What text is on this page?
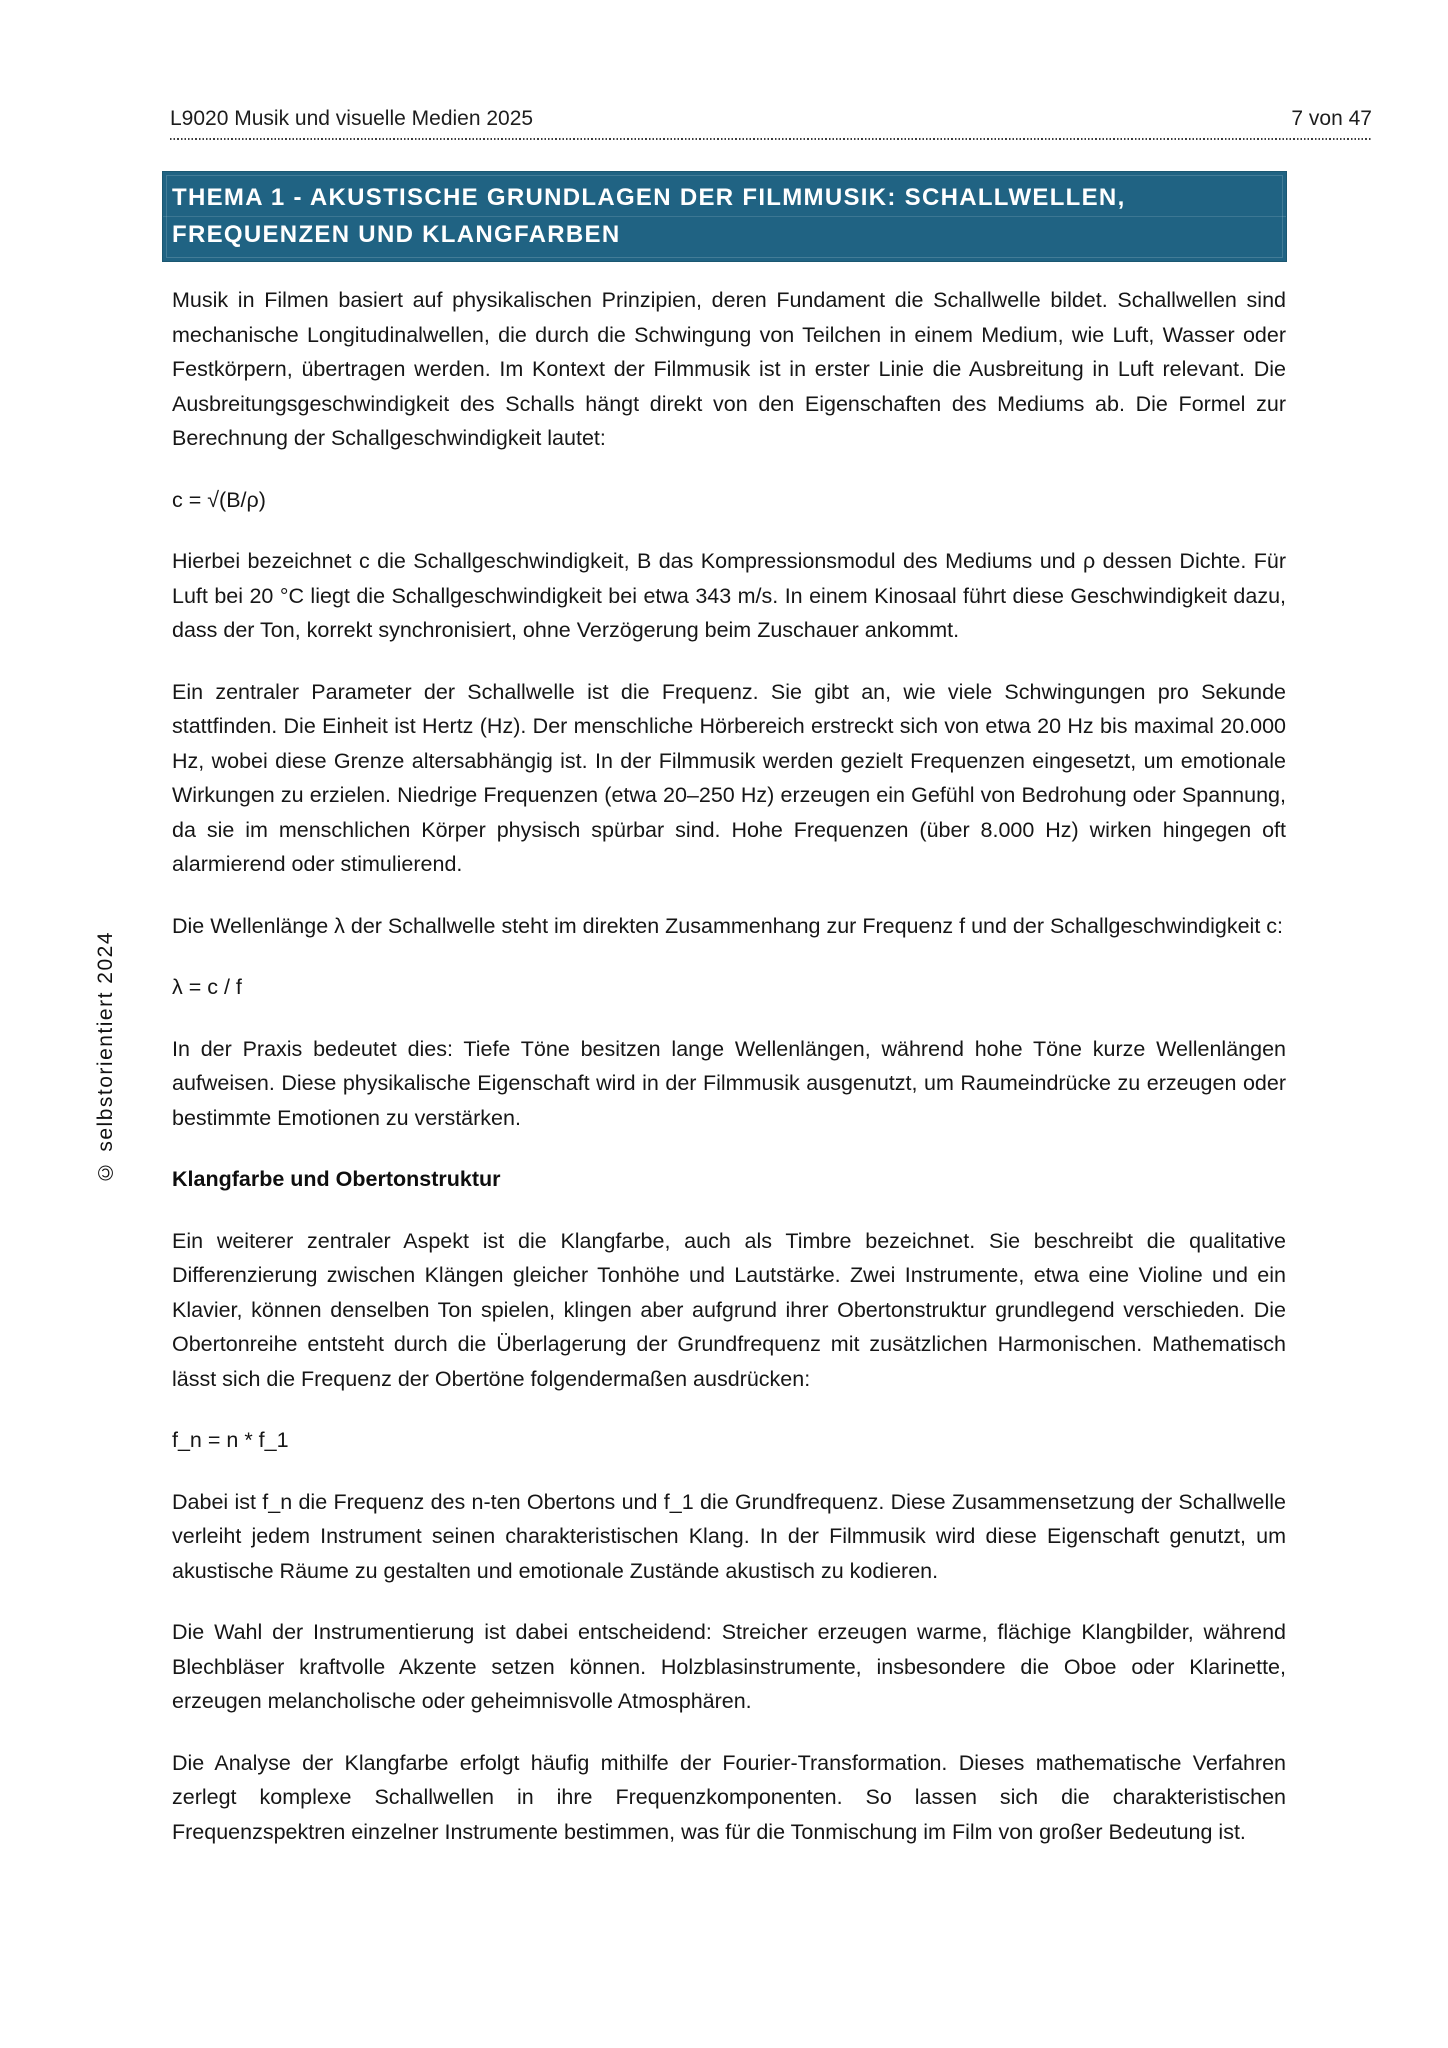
L9020 Musik und visuelle Medien 2025	7 von 47
THEMA 1 - AKUSTISCHE GRUNDLAGEN DER FILMMUSIK: SCHALLWELLEN,
FREQUENZEN UND KLANGFARBEN

Musik in Filmen basiert auf physikalischen Prinzipien, deren Fundament die Schallwelle bildet. Schallwellen sind mechanische Longitudinalwellen, die durch die Schwingung von Teilchen in einem Medium, wie Luft, Wasser oder Festkörpern, übertragen werden. Im Kontext der Filmmusik ist in erster Linie die Ausbreitung in Luft relevant. Die Ausbreitungsgeschwindigkeit des Schalls hängt direkt von den Eigenschaften des Mediums ab. Die Formel zur Berechnung der Schallgeschwindigkeit lautet:

c = √(B/ρ)

Hierbei bezeichnet c die Schallgeschwindigkeit, B das Kompressionsmodul des Mediums und ρ dessen Dichte. Für Luft bei 20 °C liegt die Schallgeschwindigkeit bei etwa 343 m/s. In einem Kinosaal führt diese Geschwindigkeit dazu, dass der Ton, korrekt synchronisiert, ohne Verzögerung beim Zuschauer ankommt.

Ein zentraler Parameter der Schallwelle ist die Frequenz. Sie gibt an, wie viele Schwingungen pro Sekunde stattfinden. Die Einheit ist Hertz (Hz). Der menschliche Hörbereich erstreckt sich von etwa 20 Hz bis maximal 20.000 Hz, wobei diese Grenze altersabhängig ist. In der Filmmusik werden gezielt Frequenzen eingesetzt, um emotionale Wirkungen zu erzielen. Niedrige Frequenzen (etwa 20–250 Hz) erzeugen ein Gefühl von Bedrohung oder Spannung, da sie im menschlichen Körper physisch spürbar sind. Hohe Frequenzen (über 8.000 Hz) wirken hingegen oft alarmierend oder stimulierend.

Die Wellenlänge λ der Schallwelle steht im direkten Zusammenhang zur Frequenz f und der Schallgeschwindigkeit c:

λ = c / f

In der Praxis bedeutet dies: Tiefe Töne besitzen lange Wellenlängen, während hohe Töne kurze Wellenlängen aufweisen. Diese physikalische Eigenschaft wird in der Filmmusik ausgenutzt, um Raumeindrücke zu erzeugen oder bestimmte Emotionen zu verstärken.

Klangfarbe und Obertonstruktur

Ein weiterer zentraler Aspekt ist die Klangfarbe, auch als Timbre bezeichnet. Sie beschreibt die qualitative Differenzierung zwischen Klängen gleicher Tonhöhe und Lautstärke. Zwei Instrumente, etwa eine Violine und ein Klavier, können denselben Ton spielen, klingen aber aufgrund ihrer Obertonstruktur grundlegend verschieden. Die Obertonreihe entsteht durch die Überlagerung der Grundfrequenz mit zusätzlichen Harmonischen. Mathematisch lässt sich die Frequenz der Obertöne folgendermaßen ausdrücken:

f_n = n * f_1

Dabei ist f_n die Frequenz des n-ten Obertons und f_1 die Grundfrequenz. Diese Zusammensetzung der Schallwelle verleiht jedem Instrument seinen charakteristischen Klang. In der Filmmusik wird diese Eigenschaft genutzt, um akustische Räume zu gestalten und emotionale Zustände akustisch zu kodieren.

Die Wahl der Instrumentierung ist dabei entscheidend: Streicher erzeugen warme, flächige Klangbilder, während Blechbläser kraftvolle Akzente setzen können. Holzblasinstrumente, insbesondere die Oboe oder Klarinette, erzeugen melancholische oder geheimnisvolle Atmosphären.

Die Analyse der Klangfarbe erfolgt häufig mithilfe der Fourier-Transformation. Dieses mathematische Verfahren zerlegt komplexe Schallwellen in ihre Frequenzkomponenten. So lassen sich die charakteristischen Frequenzspektren einzelner Instrumente bestimmen, was für die Tonmischung im Film von großer Bedeutung ist.

© selbstorientiert 2024
